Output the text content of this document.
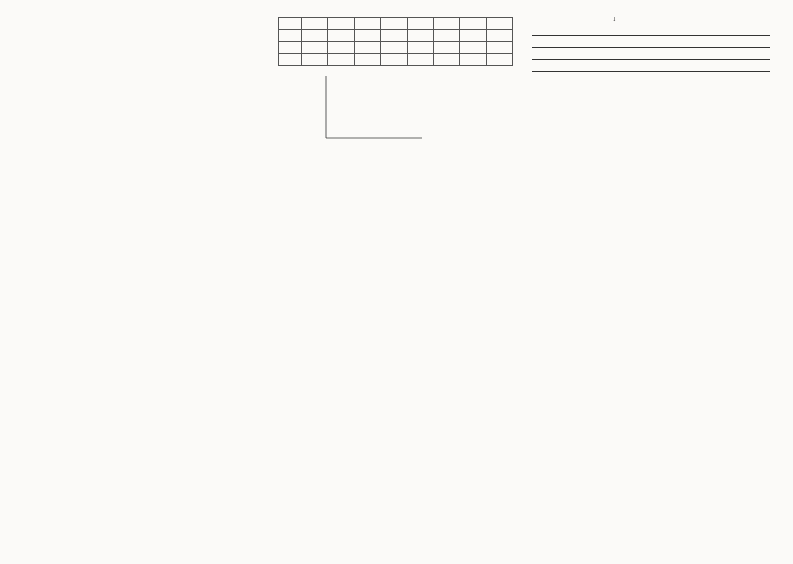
↓
